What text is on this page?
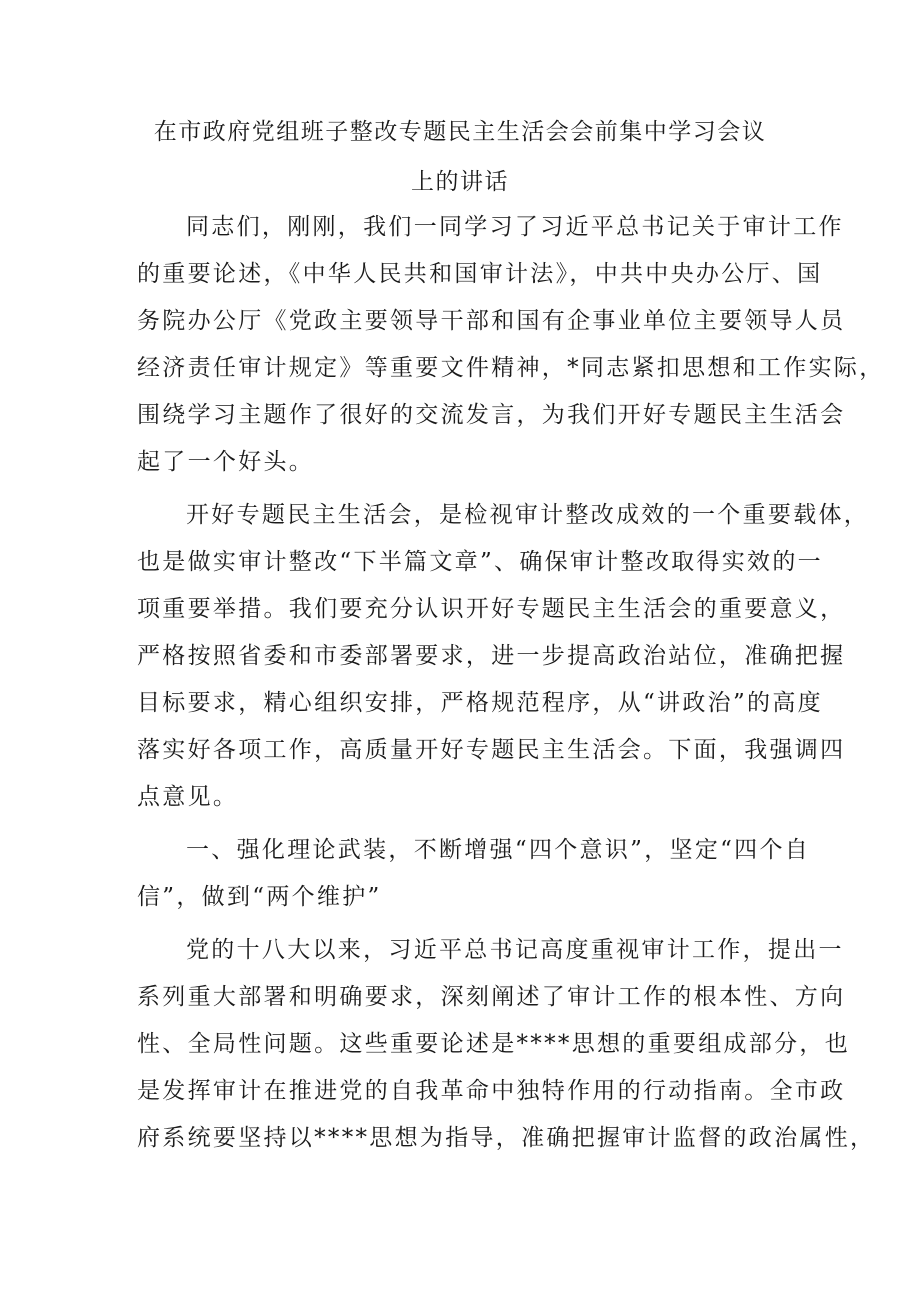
在市政府党组班子整改专题民主生活会会前集中学习会议
上的讲话

同志们，刚刚，我们一同学习了习近平总书记关于审计工作

的重要论述，《中华人民共和国审计法》，中共中央办公厅、国

务院办公厅《党政主要领导干部和国有企事业单位主要领导人员

经济责任审计规定》等重要文件精神，*同志紧扣思想和工作实际，

围绕学习主题作了很好的交流发言，为我们开好专题民主生活会

起了一个好头。

开好专题民主生活会，是检视审计整改成效的一个重要载体，

也是做实审计整改“下半篇文章”、确保审计整改取得实效的一

项重要举措。我们要充分认识开好专题民主生活会的重要意义，

严格按照省委和市委部署要求，进一步提高政治站位，准确把握

目标要求，精心组织安排，严格规范程序，从“讲政治”的高度

落实好各项工作，高质量开好专题民主生活会。下面，我强调四

点意见。

一、强化理论武装，不断增强“四个意识”，坚定“四个自

信”，做到“两个维护”

党的十八大以来，习近平总书记高度重视审计工作，提出一

系列重大部署和明确要求，深刻阐述了审计工作的根本性、方向

性、全局性问题。这些重要论述是****思想的重要组成部分，也

是发挥审计在推进党的自我革命中独特作用的行动指南。全市政

府系统要坚持以****思想为指导，准确把握审计监督的政治属性，
